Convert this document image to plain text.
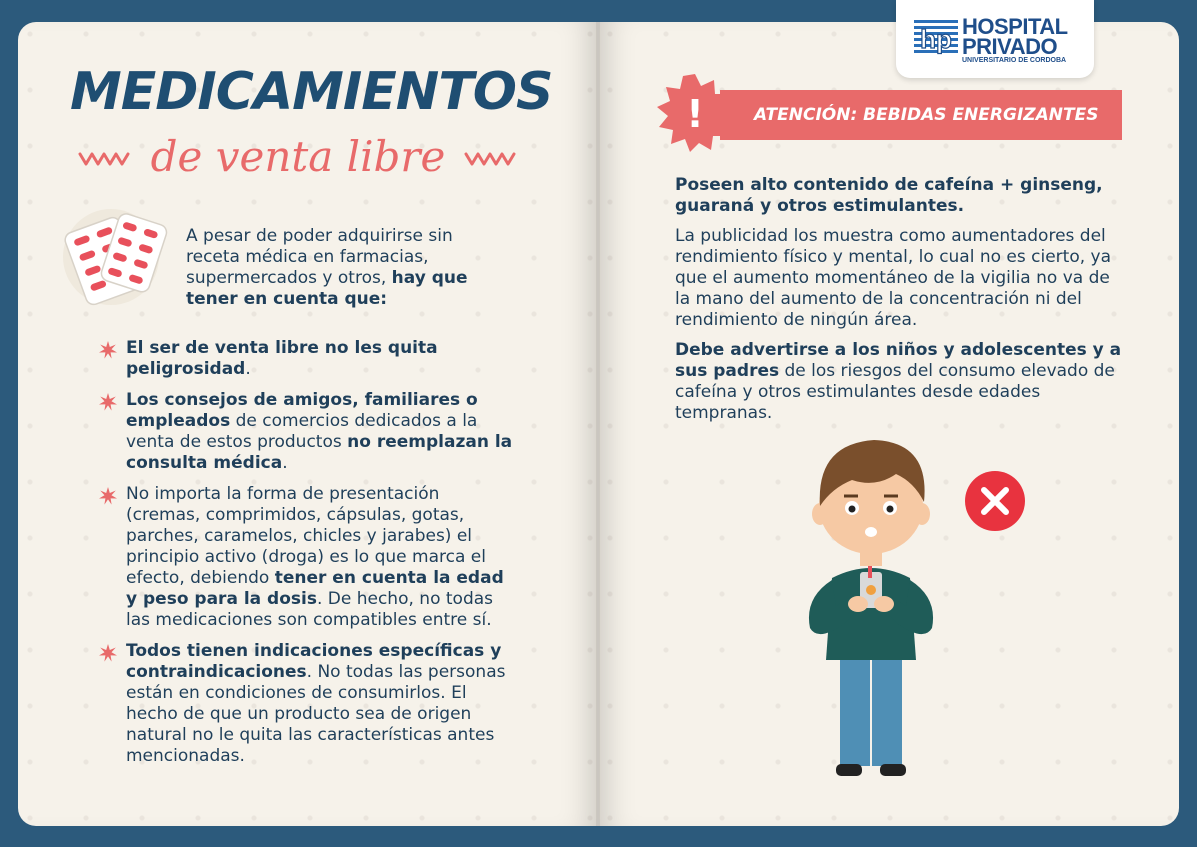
MEDICAMIENTOS
de venta libre
A pesar de poder adquirirse sin receta médica en farmacias, supermercados y otros, hay que tener en cuenta que:
El ser de venta libre no les quita peligrosidad.
Los consejos de amigos, familiares o empleados de comercios dedicados a la venta de estos productos no reemplazan la consulta médica.
No importa la forma de presentación (cremas, comprimidos, cápsulas, gotas, parches, caramelos, chicles y jarabes) el principio activo (droga) es lo que marca el efecto, debiendo tener en cuenta la edad y peso para la dosis. De hecho, no todas las medicaciones son compatibles entre sí.
Todos tienen indicaciones específicas y contraindicaciones. No todas las personas están en condiciones de consumirlos. El hecho de que un producto sea de origen natural no le quita las características antes mencionadas.
hp HOSPITAL
PRIVADO
UNIVERSITARIO DE CORDOBA
ATENCIÓN: BEBIDAS ENERGIZANTES
!

Poseen alto contenido de cafeína + ginseng, guaraná y otros estimulantes.

La publicidad los muestra como aumentadores del rendimiento físico y mental, lo cual no es cierto, ya que el aumento momentáneo de la vigilia no va de la mano del aumento de la concentración ni del rendimiento de ningún área.

Debe advertirse a los niños y adolescentes y a sus padres de los riesgos del consumo elevado de cafeína y otros estimulantes desde edades tempranas.
